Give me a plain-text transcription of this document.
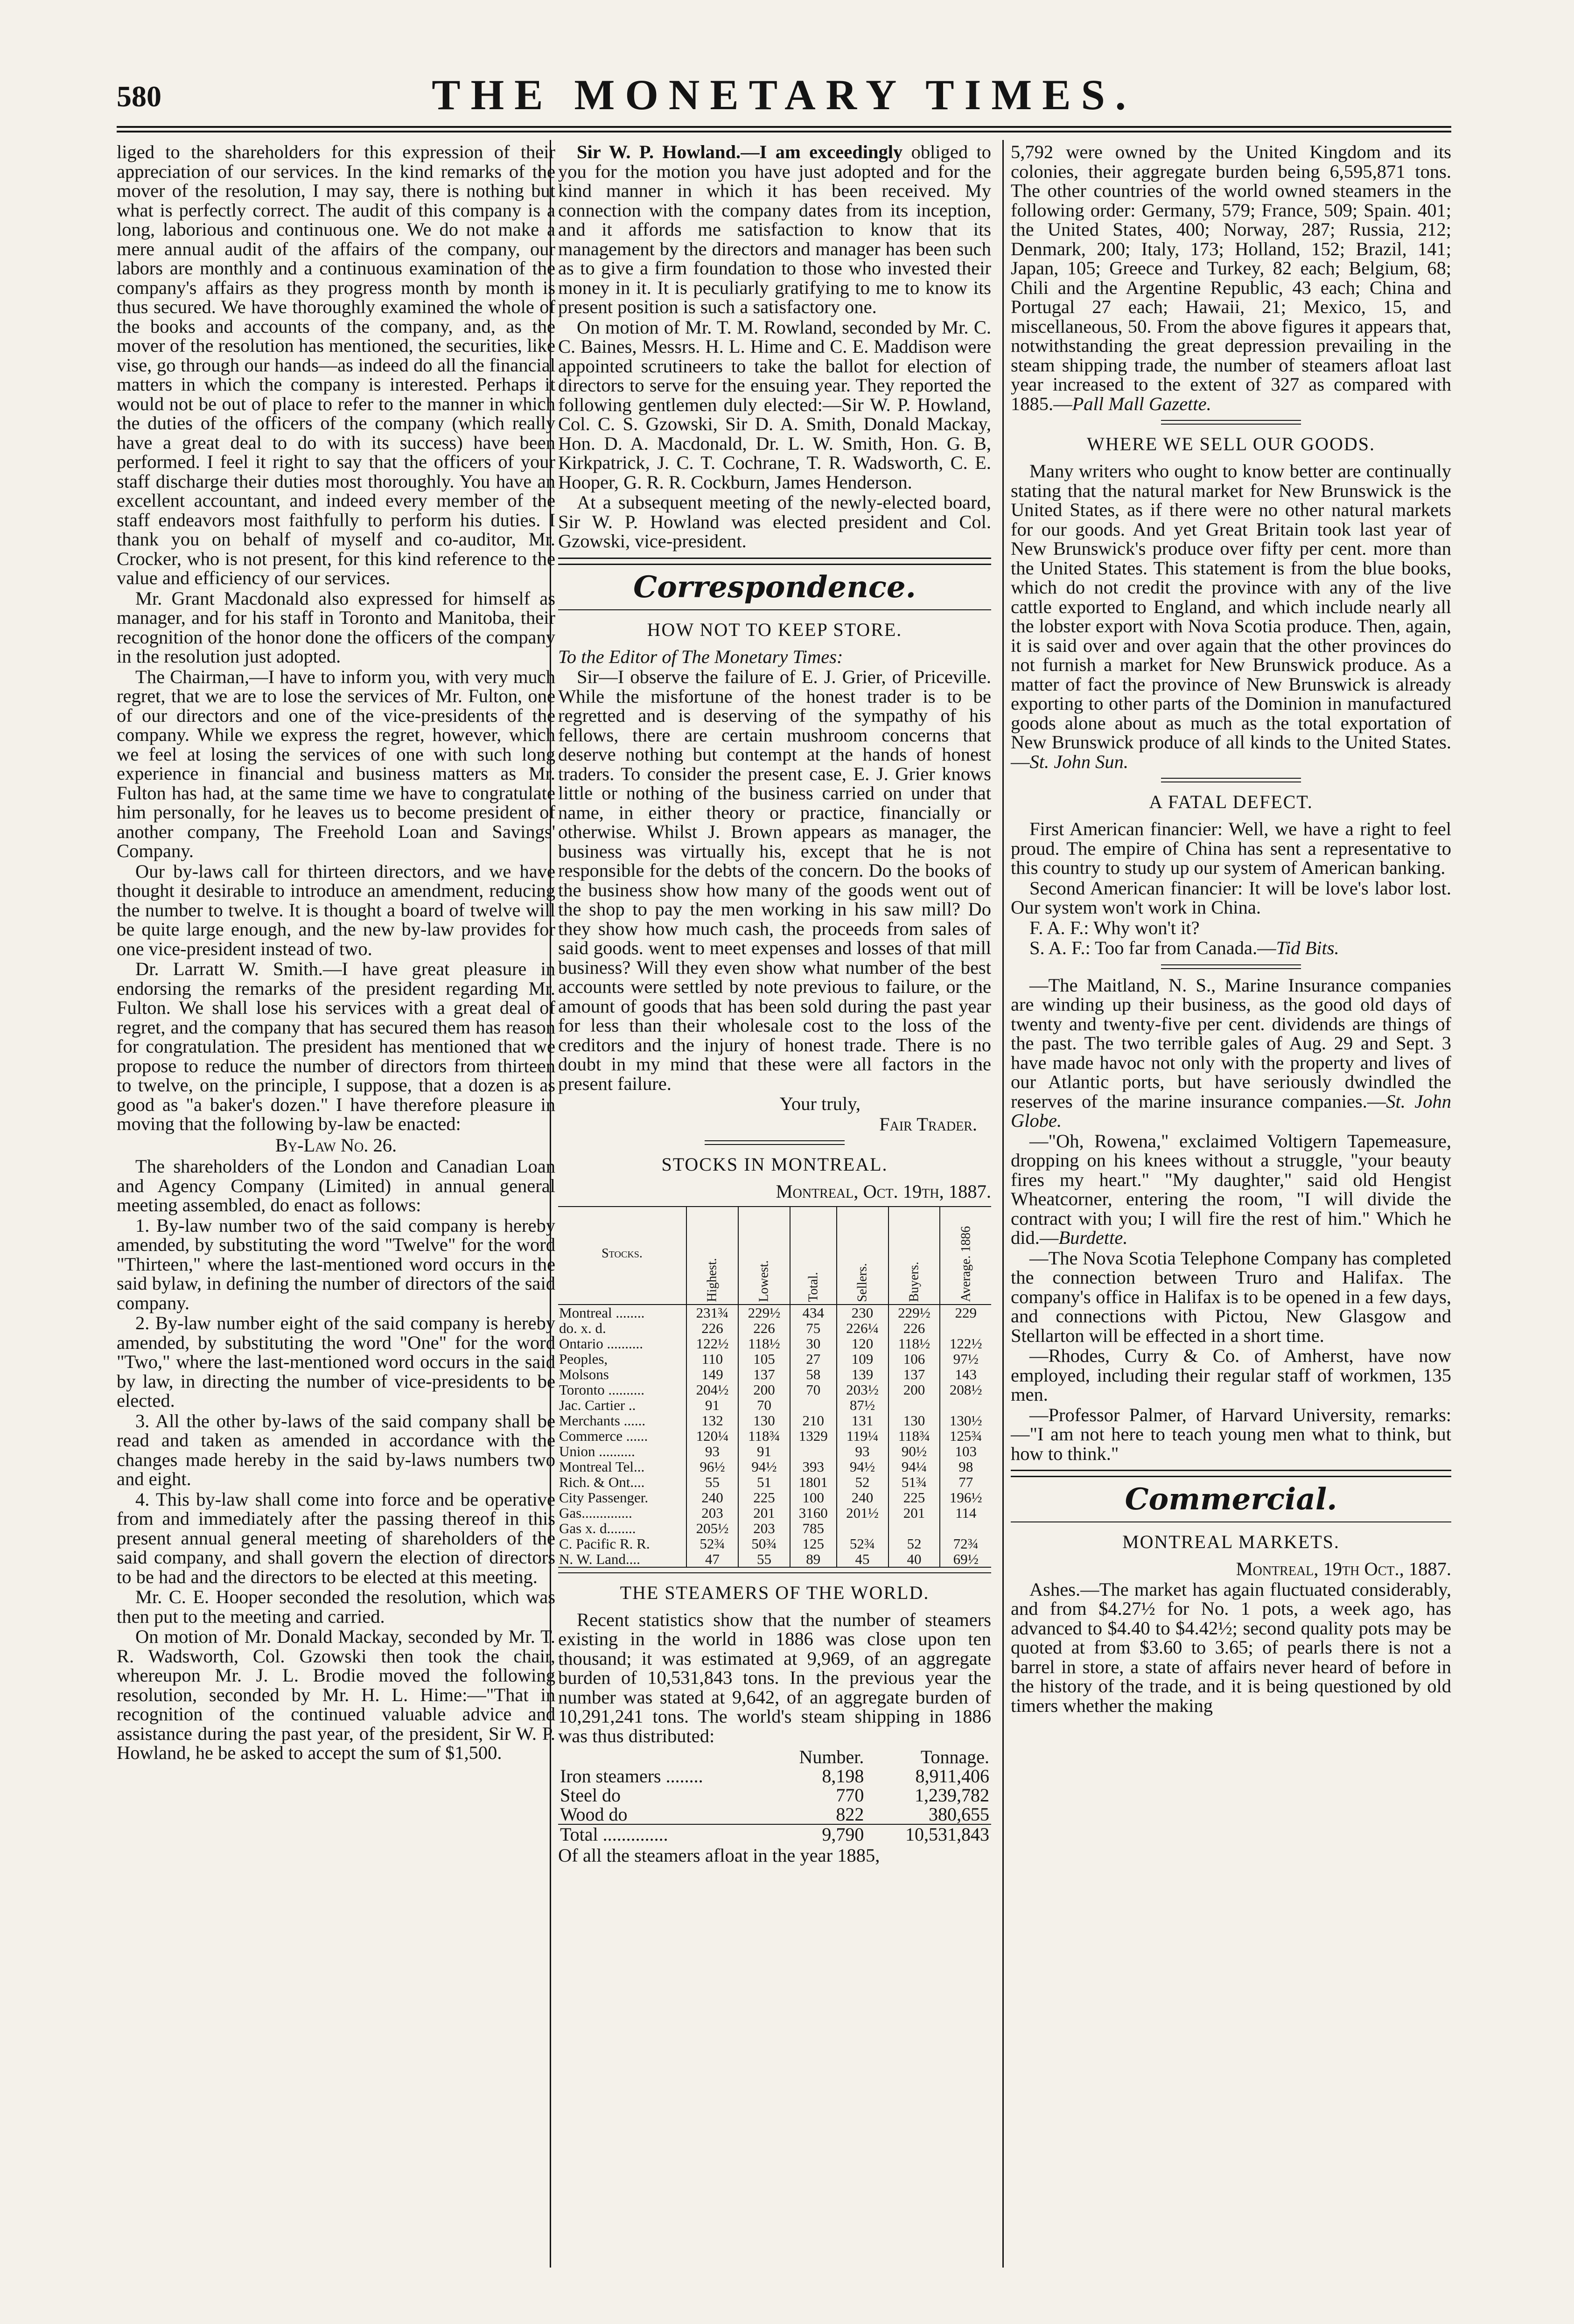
580	THE MONETARY TIMES.

liged to the shareholders for this expression of their appreciation of our services. In the kind remarks of the mover of the resolution, I may say, there is nothing but what is perfectly correct. The audit of this company is a long, laborious and continuous one. We do not make a mere annual audit of the affairs of the company, our labors are monthly and a continuous examination of the company's affairs as they progress month by month is thus secured. We have thoroughly examined the whole of the books and accounts of the company, and, as the mover of the resolution has mentioned, the securities, like vise, go through our hands—as indeed do all the financial matters in which the company is interested. Perhaps it would not be out of place to refer to the manner in which the duties of the officers of the company (which really have a great deal to do with its success) have been performed. I feel it right to say that the officers of your staff discharge their duties most thoroughly. You have an excellent accountant, and indeed every member of the staff endeavors most faithfully to perform his duties. I thank you on behalf of myself and co-auditor, Mr. Crocker, who is not present, for this kind reference to the value and efficiency of our services.

Mr. Grant Macdonald also expressed for himself as manager, and for his staff in Toronto and Manitoba, their recognition of the honor done the officers of the company in the resolution just adopted.

The Chairman,—I have to inform you, with very much regret, that we are to lose the services of Mr. Fulton, one of our directors and one of the vice-presidents of the company. While we express the regret, however, which we feel at losing the services of one with such long experience in financial and business matters as Mr. Fulton has had, at the same time we have to congratulate him personally, for he leaves us to become president of another company, The Freehold Loan and Savings' Company.

Our by-laws call for thirteen directors, and we have thought it desirable to introduce an amendment, reducing the number to twelve. It is thought a board of twelve will be quite large enough, and the new by-law provides for one vice-president instead of two.

Dr. Larratt W. Smith.—I have great pleasure in endorsing the remarks of the president regarding Mr. Fulton. We shall lose his services with a great deal of regret, and the company that has secured them has reason for congratulation. The president has mentioned that we propose to reduce the number of directors from thirteen to twelve, on the principle, I suppose, that a dozen is as good as "a baker's dozen." I have therefore pleasure in moving that the following by-law be enacted:

By-Law No. 26.

The shareholders of the London and Canadian Loan and Agency Company (Limited) in annual general meeting assembled, do enact as follows:

1. By-law number two of the said company is hereby amended, by substituting the word "Twelve" for the word "Thirteen," where the last-mentioned word occurs in the said bylaw, in defining the number of directors of the said company.

2. By-law number eight of the said company is hereby amended, by substituting the word "One" for the word "Two," where the last-mentioned word occurs in the said by law, in directing the number of vice-presidents to be elected.

3. All the other by-laws of the said company shall be read and taken as amended in accordance with the changes made hereby in the said by-laws numbers two and eight.

4. This by-law shall come into force and be operative from and immediately after the passing thereof in this present annual general meeting of shareholders of the said company, and shall govern the election of directors to be had and the directors to be elected at this meeting.

Mr. C. E. Hooper seconded the resolution, which was then put to the meeting and carried.

On motion of Mr. Donald Mackay, seconded by Mr. T. R. Wadsworth, Col. Gzowski then took the chair, whereupon Mr. J. L. Brodie moved the following resolution, seconded by Mr. H. L. Hime:—"That in recognition of the continued valuable advice and assistance during the past year, of the president, Sir W. P. Howland, he be asked to accept the sum of $1,500.

Sir W. P. Howland.—I am exceedingly obliged to you for the motion you have just adopted and for the kind manner in which it has been received. My connection with the company dates from its inception, and it affords me satisfaction to know that its management by the directors and manager has been such as to give a firm foundation to those who invested their money in it. It is peculiarly gratifying to me to know its present position is such a satisfactory one.

On motion of Mr. T. M. Rowland, seconded by Mr. C. C. Baines, Messrs. H. L. Hime and C. E. Maddison were appointed scrutineers to take the ballot for election of directors to serve for the ensuing year. They reported the following gentlemen duly elected:—Sir W. P. Howland, Col. C. S. Gzowski, Sir D. A. Smith, Donald Mackay, Hon. D. A. Macdonald, Dr. L. W. Smith, Hon. G. B, Kirkpatrick, J. C. T. Cochrane, T. R. Wadsworth, C. E. Hooper, G. R. R. Cockburn, James Henderson.

At a subsequent meeting of the newly-elected board, Sir W. P. Howland was elected president and Col. Gzowski, vice-president.

Correspondence.
HOW NOT TO KEEP STORE.

To the Editor of The Monetary Times:

Sir—I observe the failure of E. J. Grier, of Priceville. While the misfortune of the honest trader is to be regretted and is deserving of the sympathy of his fellows, there are certain mushroom concerns that deserve nothing but contempt at the hands of honest traders. To consider the present case, E. J. Grier knows little or nothing of the business carried on under that name, in either theory or practice, financially or otherwise. Whilst J. Brown appears as manager, the business was virtually his, except that he is not responsible for the debts of the concern. Do the books of the business show how many of the goods went out of the shop to pay the men working in his saw mill? Do they show how much cash, the proceeds from sales of said goods. went to meet expenses and losses of that mill business? Will they even show what number of the best accounts were settled by note previous to failure, or the amount of goods that has been sold during the past year for less than their wholesale cost to the loss of the creditors and the injury of honest trade. There is no doubt in my mind that these were all factors in the present failure.

Your truly,

Fair Trader.

STOCKS IN MONTREAL.

Montreal, Oct. 19th, 1887.

Stocks.	Highest.	Lowest.	Total.	Sellers.	Buyers.	Average. 1886
Montreal ........	231¾	229½	434	230	229½	229
do. x. d.	226	226	75	226¼	226	
Ontario ..........	122½	118½	30	120	118½	122½
Peoples,	110	105	27	109	106	97½
Molsons	149	137	58	139	137	143
Toronto ..........	204½	200	70	203½	200	208½
Jac. Cartier ..	91	70		87½		
Merchants ......	132	130	210	131	130	130½
Commerce ......	120¼	118¾	1329	119¼	118¾	125¾
Union ..........	93	91		93	90½	103
Montreal Tel...	96½	94½	393	94½	94¼	98
Rich. & Ont....	55	51	1801	52	51¾	77
City Passenger.	240	225	100	240	225	196½
Gas..............	203	201	3160	201½	201	114
Gas x. d........	205½	203	785			
C. Pacific R. R.	52¾	50¾	125	52¾	52	72¾
N. W. Land....	47	55	89	45	40	69½
THE STEAMERS OF THE WORLD.

Recent statistics show that the number of steamers existing in the world in 1886 was close upon ten thousand; it was estimated at 9,969, of an aggregate burden of 10,531,843 tons. In the previous year the number was stated at 9,642, of an aggregate burden of 10,291,241 tons. The world's steam shipping in 1886 was thus distributed:

	Number.	Tonnage.
Iron steamers ........	8,198	8,911,406
Steel do	770	1,239,782
Wood do	822	380,655
Total ..............	9,790	10,531,843

Of all the steamers afloat in the year 1885,

5,792 were owned by the United Kingdom and its colonies, their aggregate burden being 6,595,871 tons. The other countries of the world owned steamers in the following order: Germany, 579; France, 509; Spain. 401; the United States, 400; Norway, 287; Russia, 212; Denmark, 200; Italy, 173; Holland, 152; Brazil, 141; Japan, 105; Greece and Turkey, 82 each; Belgium, 68; Chili and the Argentine Republic, 43 each; China and Portugal 27 each; Hawaii, 21; Mexico, 15, and miscellaneous, 50. From the above figures it appears that, notwithstanding the great depression prevailing in the steam shipping trade, the number of steamers afloat last year increased to the extent of 327 as compared with 1885.—Pall Mall Gazette.

WHERE WE SELL OUR GOODS.

Many writers who ought to know better are continually stating that the natural market for New Brunswick is the United States, as if there were no other natural markets for our goods. And yet Great Britain took last year of New Brunswick's produce over fifty per cent. more than the United States. This statement is from the blue books, which do not credit the province with any of the live cattle exported to England, and which include nearly all the lobster export with Nova Scotia produce. Then, again, it is said over and over again that the other provinces do not furnish a market for New Brunswick produce. As a matter of fact the province of New Brunswick is already exporting to other parts of the Dominion in manufactured goods alone about as much as the total exportation of New Brunswick produce of all kinds to the United States.—St. John Sun.

A FATAL DEFECT.

First American financier: Well, we have a right to feel proud. The empire of China has sent a representative to this country to study up our system of American banking.

Second American financier: It will be love's labor lost. Our system won't work in China.

F. A. F.: Why won't it?

S. A. F.: Too far from Canada.—Tid Bits.

—The Maitland, N. S., Marine Insurance companies are winding up their business, as the good old days of twenty and twenty-five per cent. dividends are things of the past. The two terrible gales of Aug. 29 and Sept. 3 have made havoc not only with the property and lives of our Atlantic ports, but have seriously dwindled the reserves of the marine insurance companies.—St. John Globe.

—"Oh, Rowena," exclaimed Voltigern Tapemeasure, dropping on his knees without a struggle, "your beauty fires my heart." "My daughter," said old Hengist Wheatcorner, entering the room, "I will divide the contract with you; I will fire the rest of him." Which he did.—Burdette.

—The Nova Scotia Telephone Company has completed the connection between Truro and Halifax. The company's office in Halifax is to be opened in a few days, and connections with Pictou, New Glasgow and Stellarton will be effected in a short time.

—Rhodes, Curry & Co. of Amherst, have now employed, including their regular staff of workmen, 135 men.

—Professor Palmer, of Harvard University, remarks:—"I am not here to teach young men what to think, but how to think."

Commercial.
MONTREAL MARKETS.

Montreal, 19th Oct., 1887.

Ashes.—The market has again fluctuated considerably, and from $4.27½ for No. 1 pots, a week ago, has advanced to $4.40 to $4.42½; second quality pots may be quoted at from $3.60 to 3.65; of pearls there is not a barrel in store, a state of affairs never heard of before in the history of the trade, and it is being questioned by old timers whether the making
